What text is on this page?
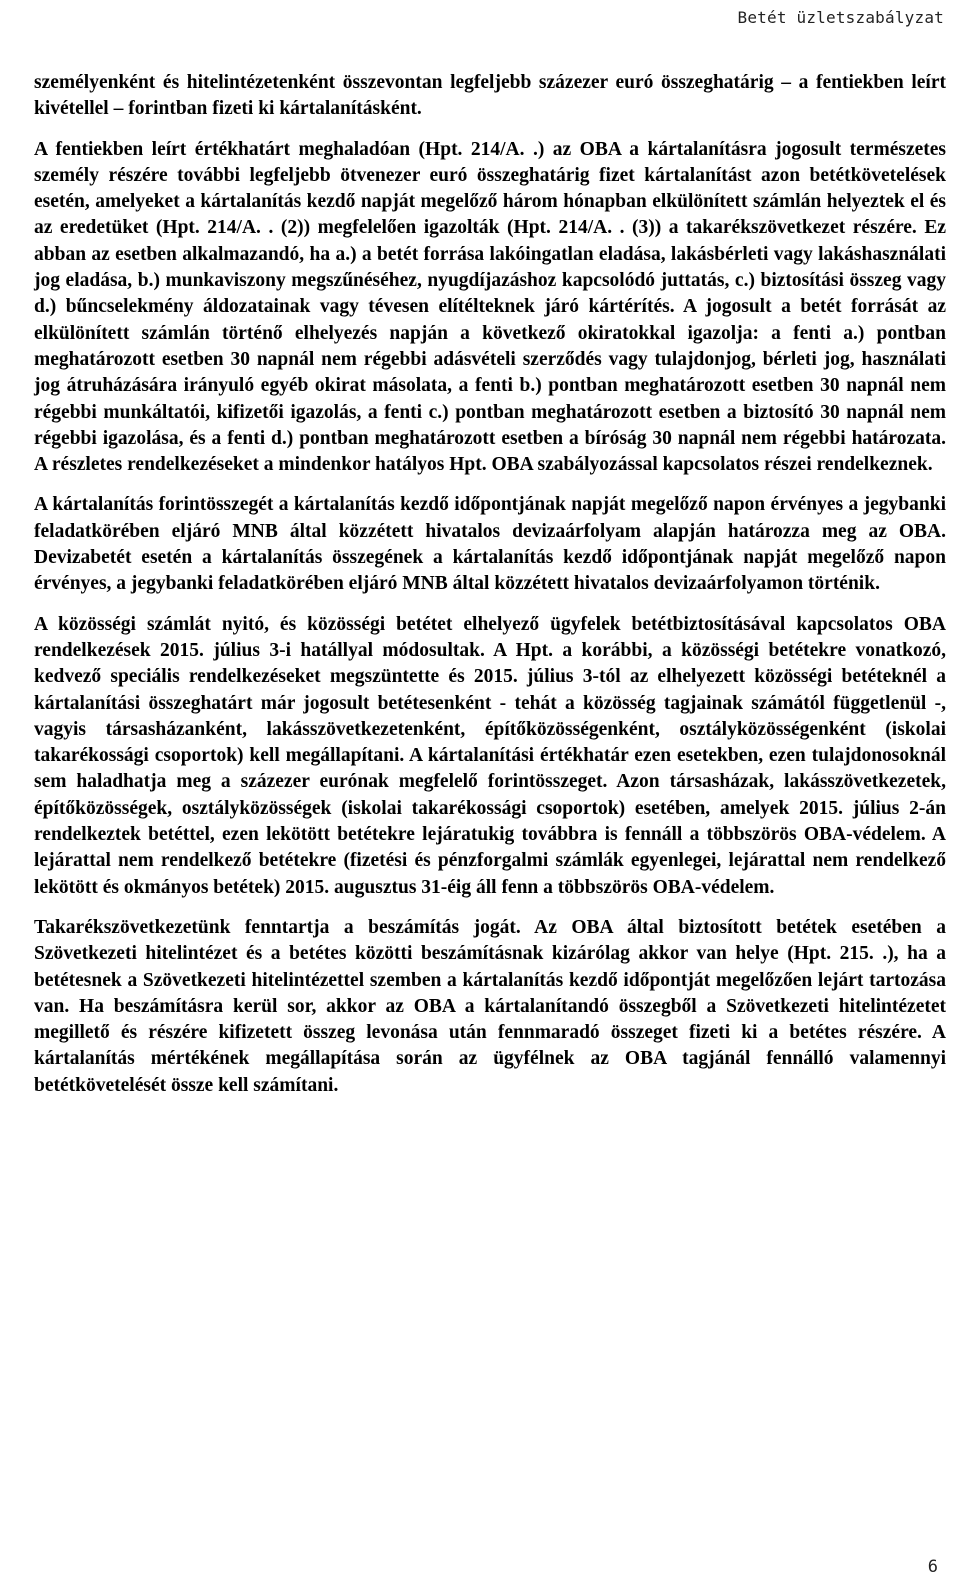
Betét üzletszabályzat

személyenként és hitelintézetenként összevontan legfeljebb százezer euró összeghatárig – a fentiekben leírt kivétellel – forintban fizeti ki kártalanításként.

A fentiekben leírt értékhatárt meghaladóan (Hpt. 214/A. .) az OBA a kártalanításra jogosult természetes személy részére további legfeljebb ötvenezer euró összeghatárig fizet kártalanítást azon betétkövetelések esetén, amelyeket a kártalanítás kezdő napját megelőző három hónapban elkülönített számlán helyeztek el és az eredetüket (Hpt. 214/A. . (2)) megfelelően igazolták (Hpt. 214/A. . (3)) a takarékszövetkezet részére. Ez abban az esetben alkalmazandó, ha a.) a betét forrása lakóingatlan eladása, lakásbérleti vagy lakáshasználati jog eladása, b.) munkaviszony megszűnéséhez, nyugdíjazáshoz kapcsolódó juttatás, c.) biztosítási összeg vagy d.) bűncselekmény áldozatainak vagy tévesen elítélteknek járó kártérítés. A jogosult a betét forrását az elkülönített számlán történő elhelyezés napján a következő okiratokkal igazolja: a fenti a.) pontban meghatározott esetben 30 napnál nem régebbi adásvételi szerződés vagy tulajdonjog, bérleti jog, használati jog átruházására irányuló egyéb okirat másolata, a fenti b.) pontban meghatározott esetben 30 napnál nem régebbi munkáltatói, kifizetői igazolás, a fenti c.) pontban meghatározott esetben a biztosító 30 napnál nem régebbi igazolása, és a fenti d.) pontban meghatározott esetben a bíróság 30 napnál nem régebbi határozata. A részletes rendelkezéseket a mindenkor hatályos Hpt. OBA szabályozással kapcsolatos részei rendelkeznek.

A kártalanítás forintösszegét a kártalanítás kezdő időpontjának napját megelőző napon érvényes a jegybanki feladatkörében eljáró MNB által közzétett hivatalos devizaárfolyam alapján határozza meg az OBA. Devizabetét esetén a kártalanítás összegének a kártalanítás kezdő időpontjának napját megelőző napon érvényes, a jegybanki feladatkörében eljáró MNB által közzétett hivatalos devizaárfolyamon történik.

A közösségi számlát nyitó, és közösségi betétet elhelyező ügyfelek betétbiztosításával kapcsolatos OBA rendelkezések 2015. július 3-i hatállyal módosultak. A Hpt. a korábbi, a közösségi betétekre vonatkozó, kedvező speciális rendelkezéseket megszüntette és 2015. július 3-tól az elhelyezett közösségi betéteknél a kártalanítási összeghatárt már jogosult betétesenként - tehát a közösség tagjainak számától függetlenül -, vagyis társasházanként, lakásszövetkezetenként, építőközösségenként, osztályközösségenként (iskolai takarékossági csoportok) kell megállapítani. A kártalanítási értékhatár ezen esetekben, ezen tulajdonosoknál sem haladhatja meg a százezer eurónak megfelelő forintösszeget. Azon társasházak, lakásszövetkezetek, építőközösségek, osztályközösségek (iskolai takarékossági csoportok) esetében, amelyek 2015. július 2-án rendelkeztek betéttel, ezen lekötött betétekre lejáratukig továbbra is fennáll a többszörös OBA-védelem. A lejárattal nem rendelkező betétekre (fizetési és pénzforgalmi számlák egyenlegei, lejárattal nem rendelkező lekötött és okmányos betétek) 2015. augusztus 31-éig áll fenn a többszörös OBA-védelem.

Takarékszövetkezetünk fenntartja a beszámítás jogát. Az OBA által biztosított betétek esetében a Szövetkezeti hitelintézet és a betétes közötti beszámításnak kizárólag akkor van helye (Hpt. 215. .), ha a betétesnek a Szövetkezeti hitelintézettel szemben a kártalanítás kezdő időpontját megelőzően lejárt tartozása van. Ha beszámításra kerül sor, akkor az OBA a kártalanítandó összegből a Szövetkezeti hitelintézetet megillető és részére kifizetett összeg levonása után fennmaradó összeget fizeti ki a betétes részére. A kártalanítás mértékének megállapítása során az ügyfélnek az OBA tagjánál fennálló valamennyi betétkövetelését össze kell számítani.

6
